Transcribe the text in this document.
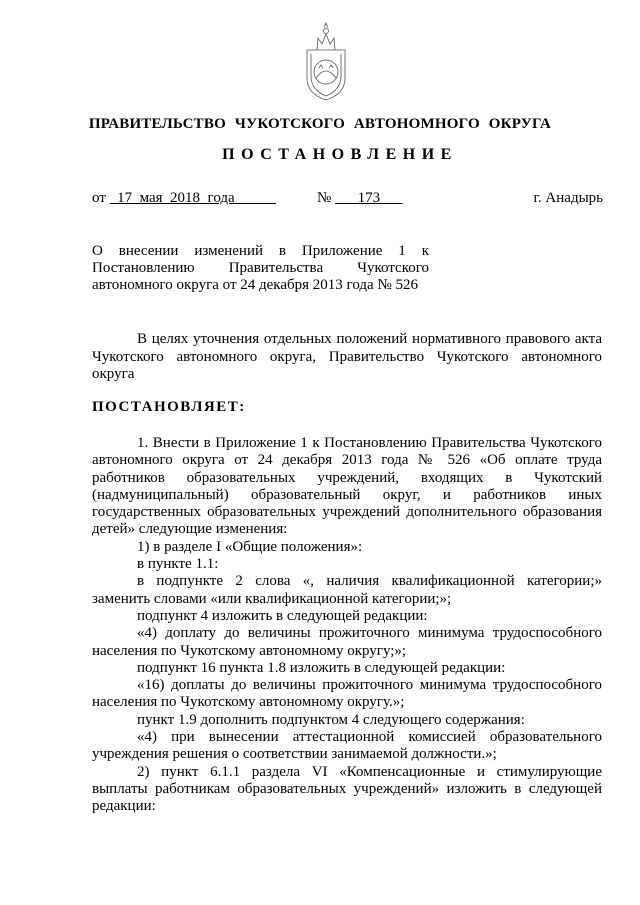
ПРАВИТЕЛЬСТВО ЧУКОТСКОГО АВТОНОМНОГО ОКРУГА
ПОСТАНОВЛЕНИЕ
от 17  мая  2018  года	№ 173	г. Анадырь
О внесении изменений в Приложение 1 к Постановлению Правительства Чукотского автономного округа от 24 декабря 2013 года № 526
В целях уточнения отдельных положений нормативного правового акта Чукотского автономного округа, Правительство Чукотского автономного округа
ПОСТАНОВЛЯЕТ:

1. Внести в Приложение 1 к Постановлению Правительства Чукотского автономного округа от 24 декабря 2013 года № 526 «Об оплате труда работников образовательных учреждений, входящих в Чукотский (надмуниципальный) образовательный округ, и работников иных государственных образовательных учреждений дополнительного образования детей» следующие изменения:

1) в разделе I «Общие положения»:

в пункте 1.1:

в подпункте 2 слова «, наличия квалификационной категории;» заменить словами «или квалификационной категории;»;

подпункт 4 изложить в следующей редакции:

«4) доплату до величины прожиточного минимума трудоспособного населения по Чукотскому автономному округу;»;

подпункт 16 пункта 1.8 изложить в следующей редакции:

«16) доплаты до величины прожиточного минимума трудоспособного населения по Чукотскому автономному округу.»;

пункт 1.9 дополнить подпунктом 4 следующего содержания:

«4) при вынесении аттестационной комиссией образовательного учреждения решения о соответствии занимаемой должности.»;

2) пункт 6.1.1 раздела VI «Компенсационные и стимулирующие выплаты работникам образовательных учреждений» изложить в следующей редакции:
